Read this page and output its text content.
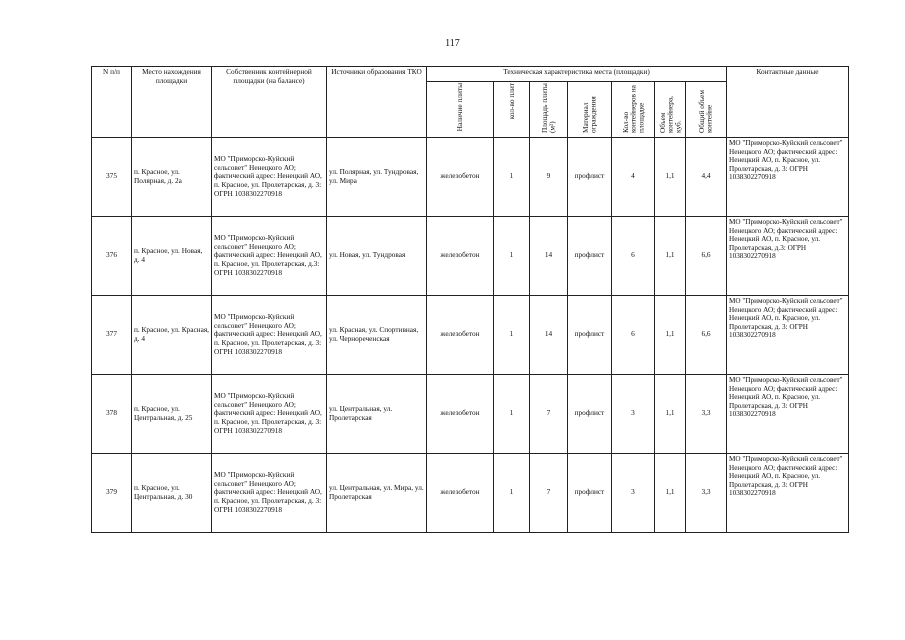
117
N п/п	Место нахождения площадки	Собственник контейнерной площадки (на балансе)	Источники образования ТКО	Техническая характеристика места (площадки)							Контактные данные
				Наличие плиты	кол-во плит	Площадь плиты (м²)	Материал ограждения	Кол-во контейнеров на площадке	Объем контейнера, куб.	Общий объем контейне	
375	п. Красное, ул. Полярная, д. 2а	МО "Приморско-Куйский сельсовет" Ненецкого АО; фактический адрес: Ненецкий АО, п. Красное, ул. Пролетарская, д. 3: ОГРН 1038302270918	ул. Полярная, ул. Тундровая, ул. Мира	железобетон	1	9	профлист	4	1,1	4,4	МО "Приморско-Куйский сельсовет" Ненецкого АО; фактический адрес: Ненецкий АО, п. Красное, ул. Пролетарская, д. 3: ОГРН 1038302270918
376	п. Красное, ул. Новая, д. 4	МО "Приморско-Куйский сельсовет" Ненецкого АО; фактический адрес: Ненецкий АО, п. Красное, ул. Пролетарская, д.3: ОГРН 1038302270918	ул. Новая, ул. Тундровая	железобетон	1	14	профлист	6	1,1	6,6	МО "Приморско-Куйский сельсовет" Ненецкого АО; фактический адрес: Ненецкий АО, п. Красное, ул. Пролетарская, д.3: ОГРН 1038302270918
377	п. Красное, ул. Красная, д. 4	МО "Приморско-Куйский сельсовет" Ненецкого АО; фактический адрес: Ненецкий АО, п. Красное, ул. Пролетарская, д. 3: ОГРН 1038302270918	ул. Красная, ул. Спортивная, ул. Чернореченская	железобетон	1	14	профлист	6	1,1	6,6	МО "Приморско-Куйский сельсовет" Ненецкого АО; фактический адрес: Ненецкий АО, п. Красное, ул. Пролетарская, д. 3: ОГРН 1038302270918
378	п. Красное, ул. Центральная, д. 25	МО "Приморско-Куйский сельсовет" Ненецкого АО; фактический адрес: Ненецкий АО, п. Красное, ул. Пролетарская, д. 3: ОГРН 1038302270918	ул. Центральная, ул. Пролетарская	железобетон	1	7	профлист	3	1,1	3,3	МО "Приморско-Куйский сельсовет" Ненецкого АО; фактический адрес: Ненецкий АО, п. Красное, ул. Пролетарская, д. 3: ОГРН 1038302270918
379	п. Красное, ул. Центральная, д. 30	МО "Приморско-Куйский сельсовет" Ненецкого АО; фактический адрес: Ненецкий АО, п. Красное, ул. Пролетарская, д. 3: ОГРН 1038302270918	ул. Центральная, ул. Мира, ул. Пролетарская	железобетон	1	7	профлист	3	1,1	3,3	МО "Приморско-Куйский сельсовет" Ненецкого АО; фактический адрес: Ненецкий АО, п. Красное, ул. Пролетарская, д. 3: ОГРН 1038302270918
